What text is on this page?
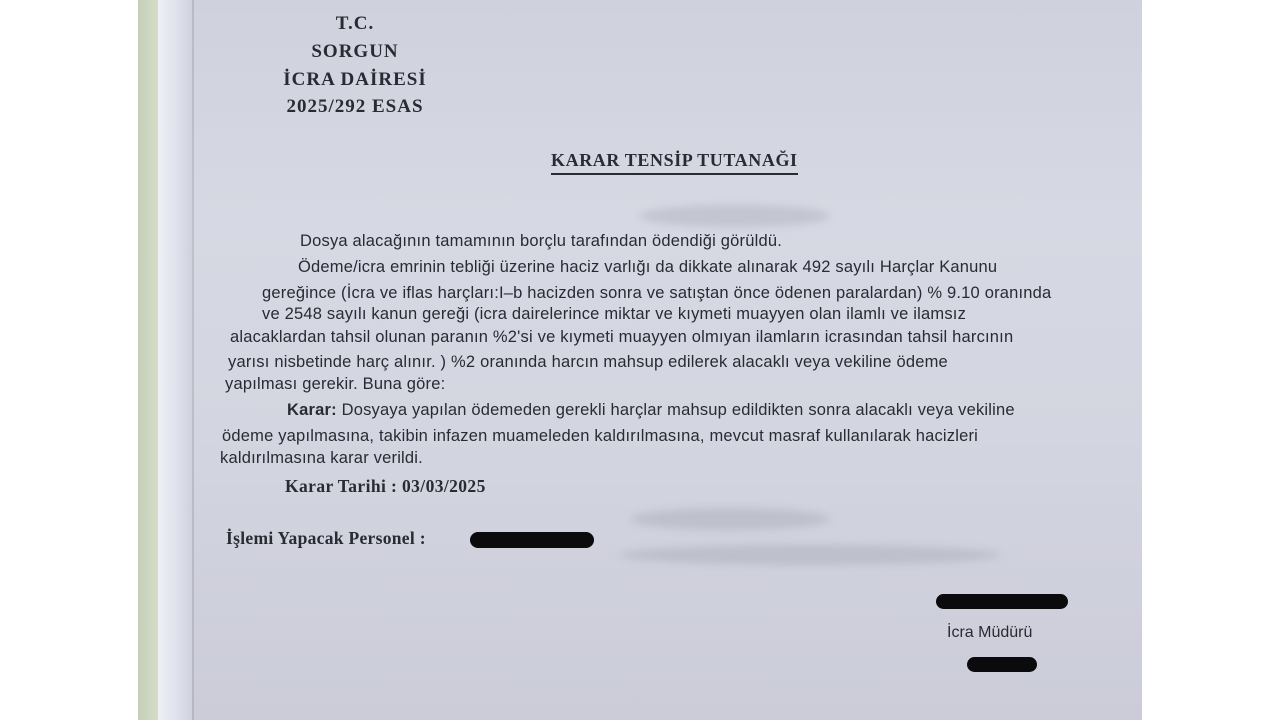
T.C.
SORGUN
İCRA DAİRESİ
2025/292 ESAS
KARAR TENSİP TUTANAĞI
Dosya alacağının tamamının borçlu tarafından ödendiği görüldü.
Ödeme/icra emrinin tebliği üzerine haciz varlığı da dikkate alınarak 492 sayılı Harçlar Kanunu
gereğince (İcra ve iflas harçları:I–b hacizden sonra ve satıştan önce ödenen paralardan) % 9.10 oranında
ve 2548 sayılı kanun gereği (icra dairelerince miktar ve kıymeti muayyen olan ilamlı ve ilamsız
alacaklardan tahsil olunan paranın %2'si ve kıymeti muayyen olmıyan ilamların icrasından tahsil harcının
yarısı nisbetinde harç alınır. ) %2 oranında harcın mahsup edilerek alacaklı veya vekiline ödeme
yapılması gerekir. Buna göre:
Karar: Dosyaya yapılan ödemeden gerekli harçlar mahsup edildikten sonra alacaklı veya vekiline
ödeme yapılmasına, takibin infazen muameleden kaldırılmasına, mevcut masraf kullanılarak hacizleri
kaldırılmasına karar verildi.
Karar Tarihi : 03/03/2025
İşlemi Yapacak Personel :
İcra Müdürü
